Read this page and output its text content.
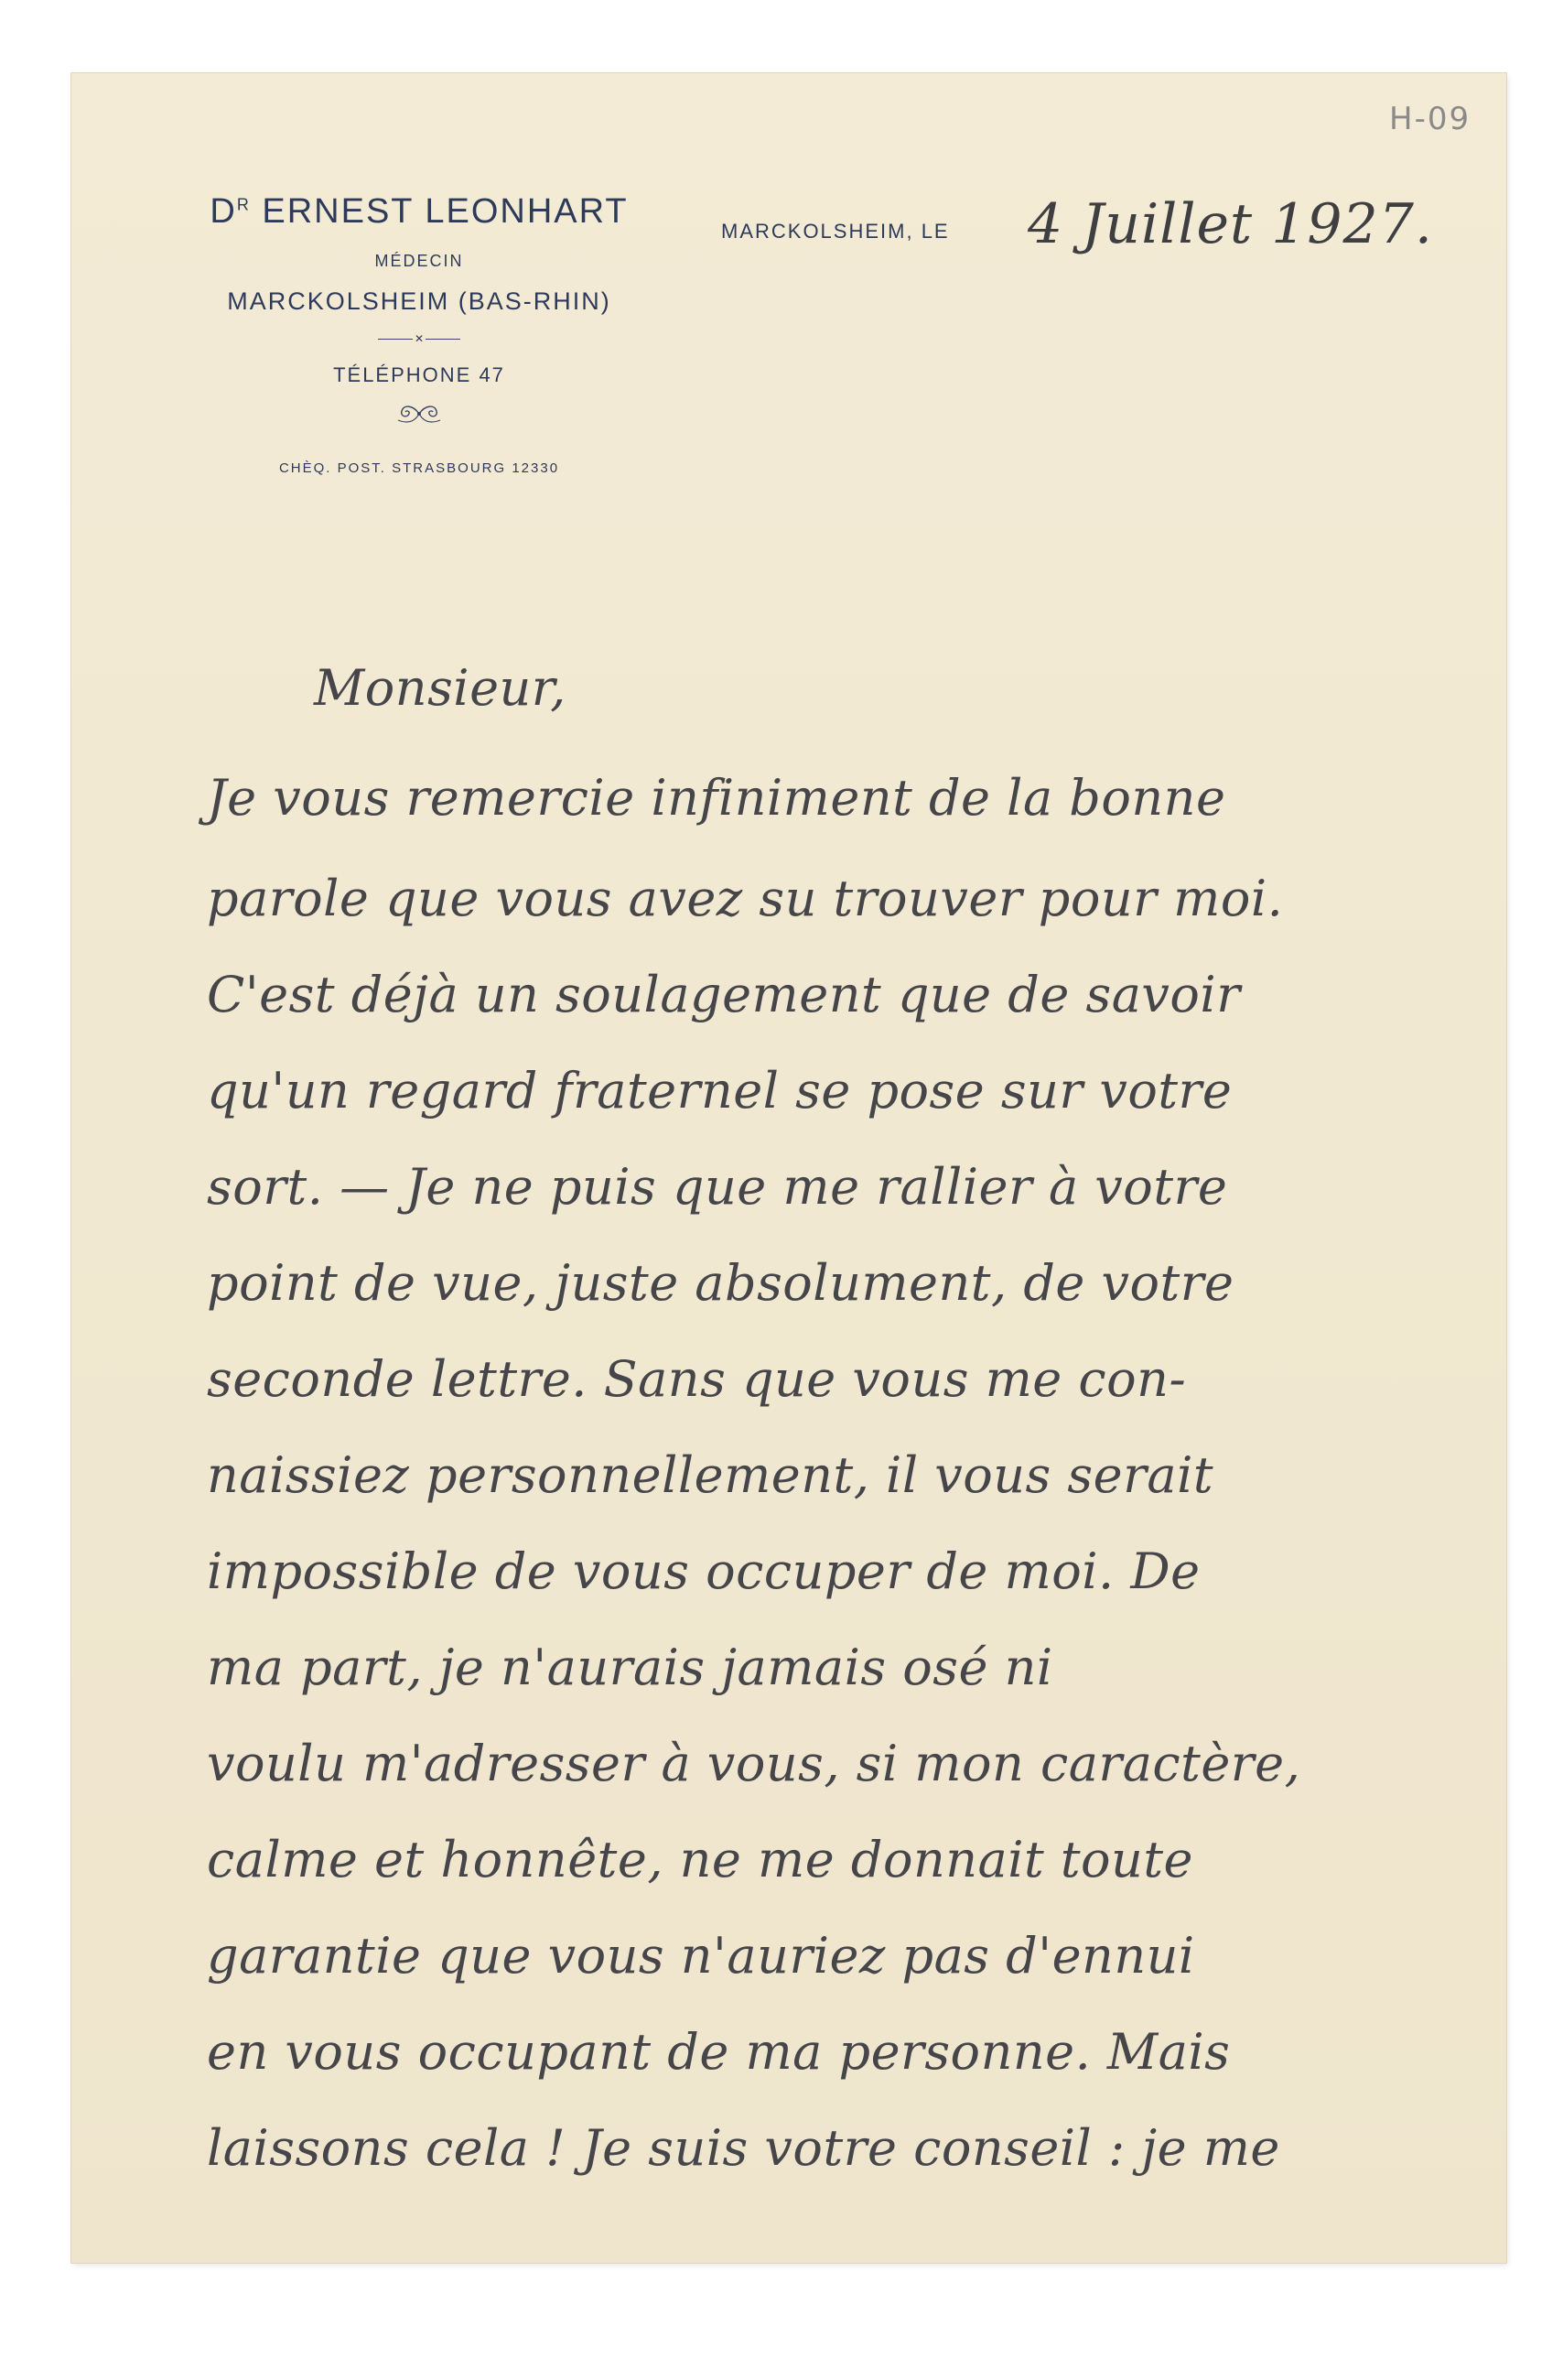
H-09
$D^R$ ERNEST LEONHART
MÉDECIN
MARCKOLSHEIM (BAS-RHIN)
✕
TÉLÉPHONE 47
CHÈQ. POST. STRASBOURG 12330
MARCKOLSHEIM, LE 4 Juillet 1927.
Monsieur,
Je vous remercie infiniment de la bonne
parole que vous avez su trouver pour moi.
C'est déjà un soulagement que de savoir
qu'un regard fraternel se pose sur votre
sort. — Je ne puis que me rallier à votre
point de vue, juste absolument, de votre
seconde lettre. Sans que vous me con-
naissiez personnellement, il vous serait
impossible de vous occuper de moi. De
ma part, je n'aurais jamais osé ni
voulu m'adresser à vous, si mon caractère,
calme et honnête, ne me donnait toute
garantie que vous n'auriez pas d'ennui
en vous occupant de ma personne. Mais
laissons cela ! Je suis votre conseil : je me
